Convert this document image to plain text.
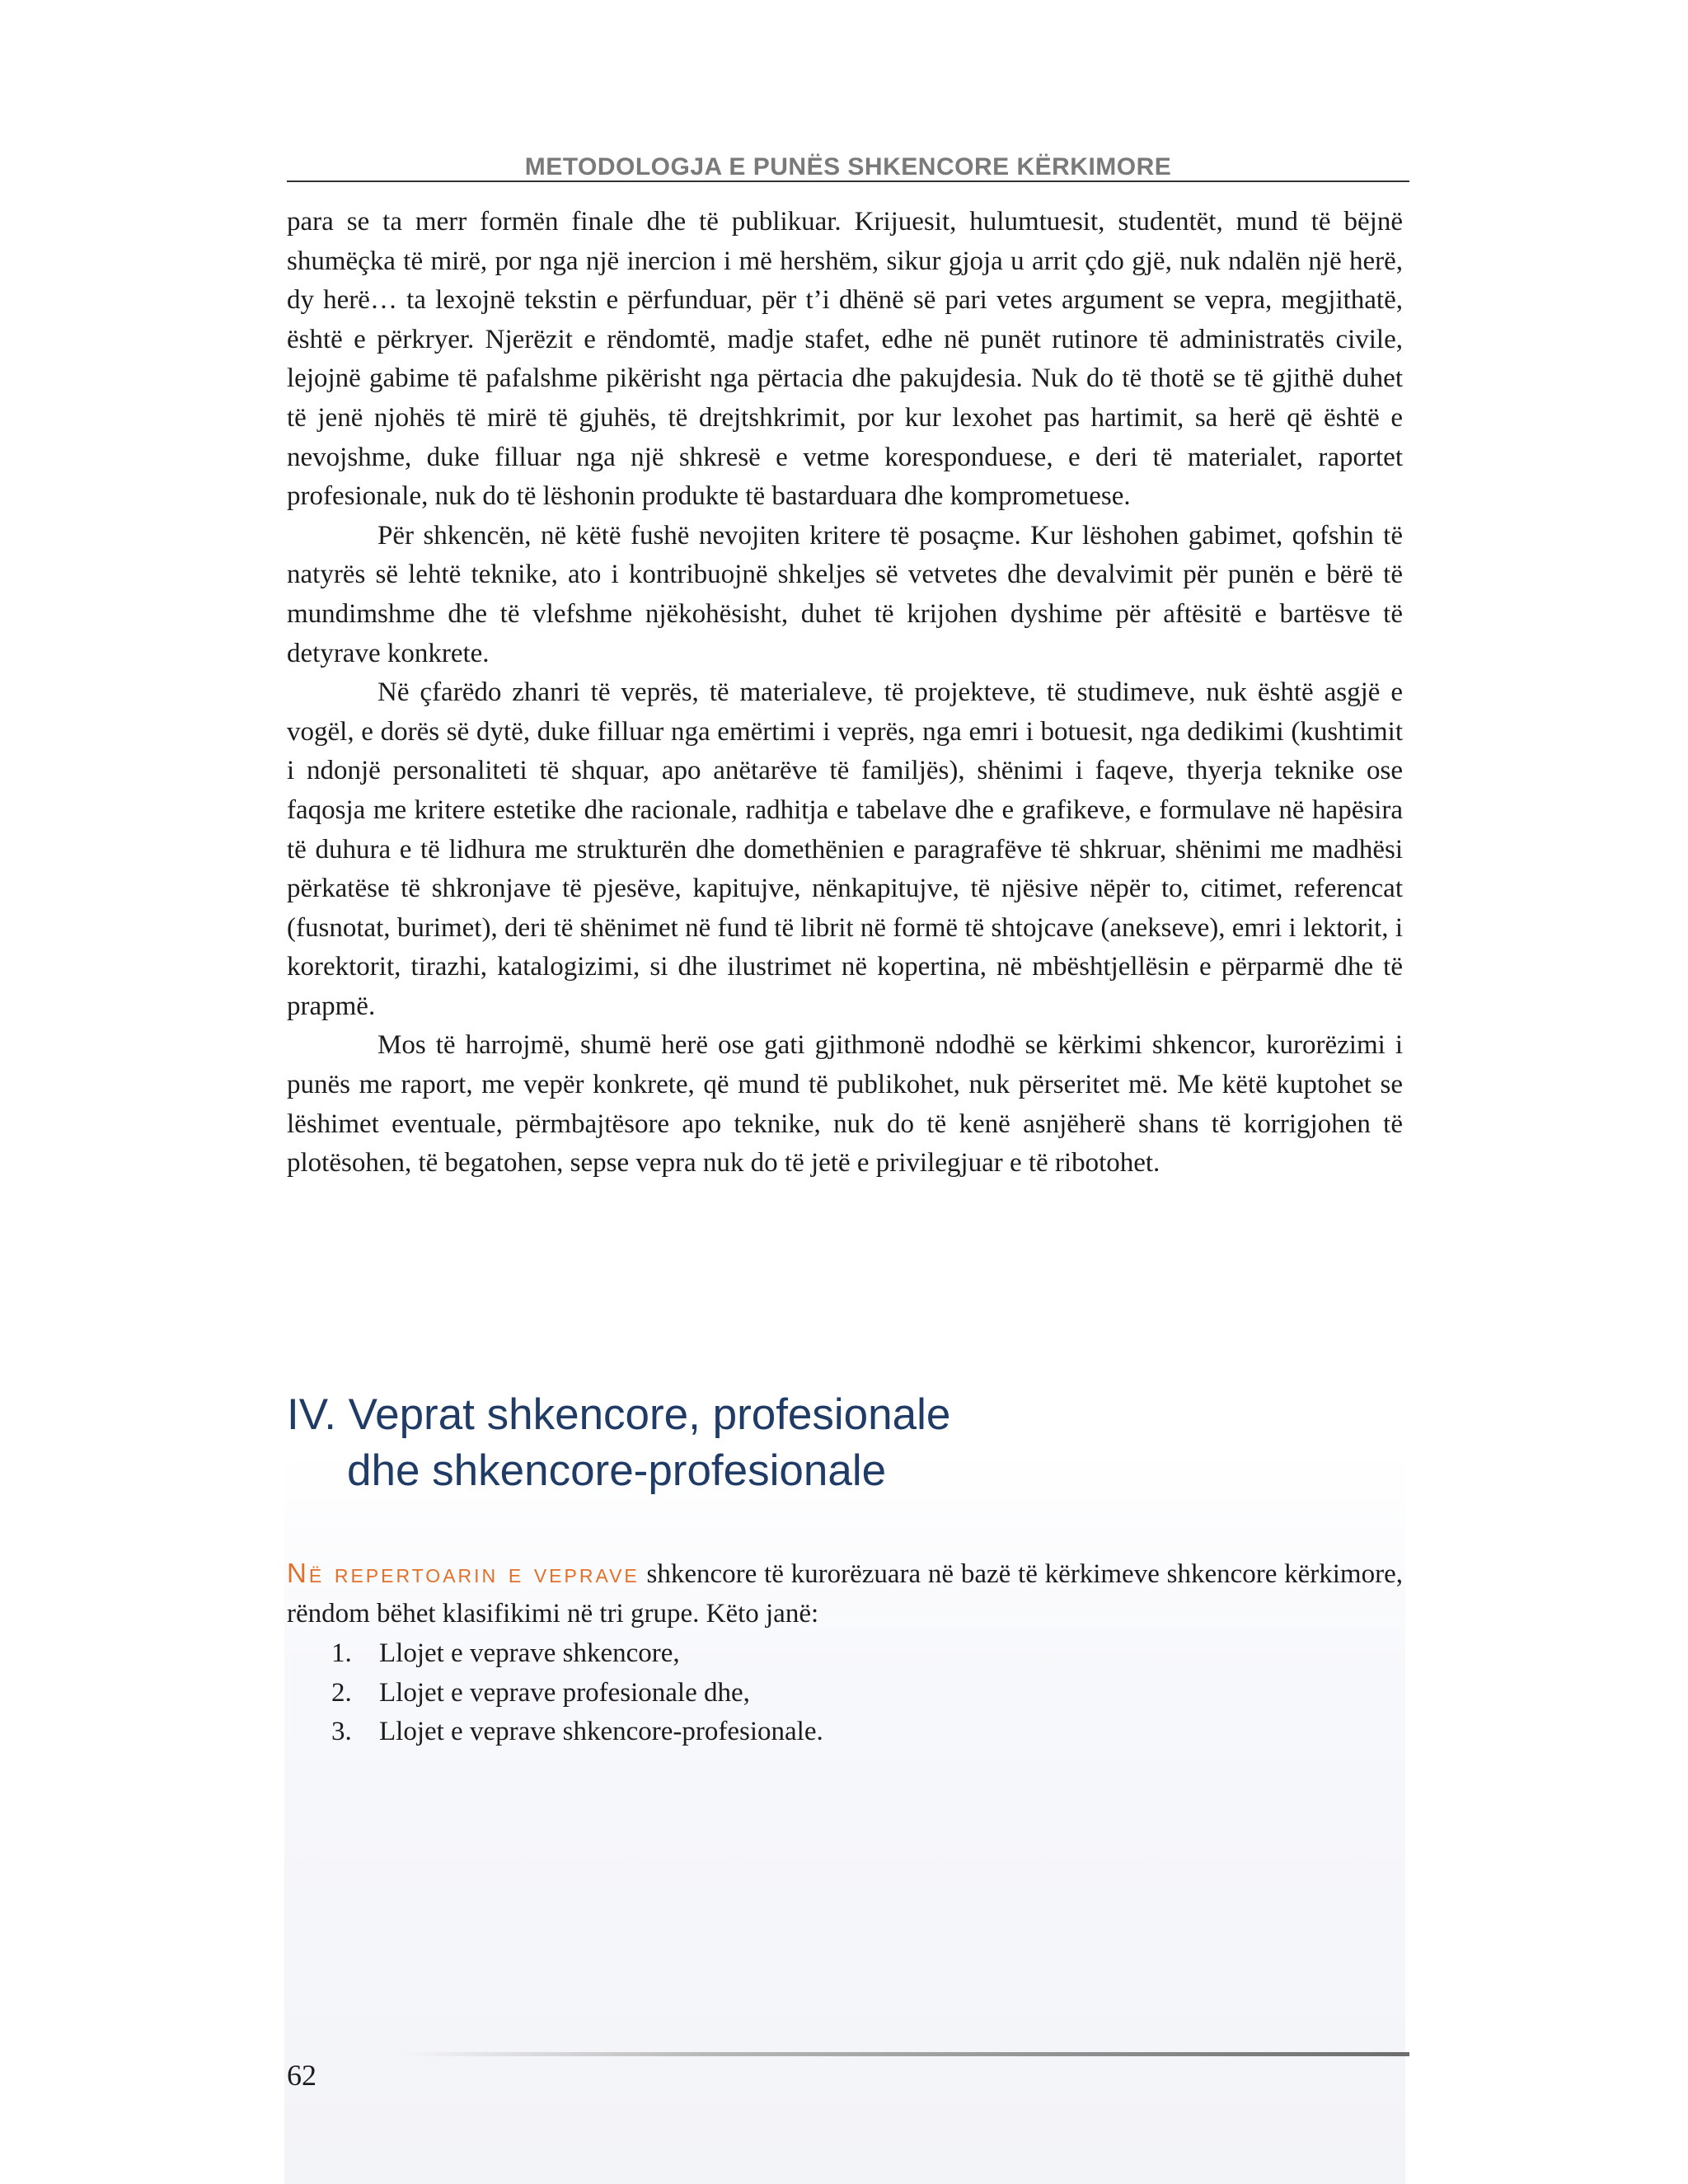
METODOLOGJA E PUNËS SHKENCORE KËRKIMORE

para se ta merr formën finale dhe të publikuar. Krijuesit, hulumtuesit, studentët, mund të bëjnë shumëçka të mirë, por nga një inercion i më hershëm, sikur gjoja u arrit çdo gjë, nuk ndalën një herë, dy herë… ta lexojnë tekstin e përfunduar, për t’i dhënë së pari vetes argument se vepra, megjithatë, është e përkryer. Njerëzit e rëndomtë, madje stafet, edhe në punët rutinore të administratës civile, lejojnë gabime të pafalshme pikërisht nga përtacia dhe pakujdesia. Nuk do të thotë se të gjithë duhet të jenë njohës të mirë të gjuhës, të drejtshkrimit, por kur lexohet pas hartimit, sa herë që është e nevojshme, duke filluar nga një shkresë e vetme koresponduese, e deri të materialet, raportet profesionale, nuk do të lëshonin produkte të bastarduara dhe komprometuese.

Për shkencën, në këtë fushë nevojiten kritere të posaçme. Kur lëshohen gabimet, qofshin të natyrës së lehtë teknike, ato i kontribuojnë shkeljes së vetvetes dhe devalvimit për punën e bërë të mundimshme dhe të vlefshme njëkohësisht, duhet të krijohen dyshime për aftësitë e bartësve të detyrave konkrete.

Në çfarëdo zhanri të veprës, të materialeve, të projekteve, të studimeve, nuk është asgjë e vogël, e dorës së dytë, duke filluar nga emërtimi i veprës, nga emri i botuesit, nga dedikimi (kushtimit i ndonjë personaliteti të shquar, apo anëtarëve të familjës), shënimi i faqeve, thyerja teknike ose faqosja me kritere estetike dhe racionale, radhitja e tabelave dhe e grafikeve, e formulave në hapësira të duhura e të lidhura me strukturën dhe domethënien e paragrafëve të shkruar, shënimi me madhësi përkatëse të shkronjave të pjesëve, kapitujve, nënkapitujve, të njësive nëpër to, citimet, referencat (fusnotat, burimet), deri të shënimet në fund të librit në formë të shtojcave (anekseve), emri i lektorit, i korektorit, tirazhi, katalogizimi, si dhe ilustrimet në kopertina, në mbështjellësin e përparmë dhe të prapmë.

Mos të harrojmë, shumë herë ose gati gjithmonë ndodhë se kërkimi shkencor, kurorëzimi i punës me raport, me vepër konkrete, që mund të publikohet, nuk përseritet më. Me këtë kuptohet se lëshimet eventuale, përmbajtësore apo teknike, nuk do të kenë asnjëherë shans të korrigjohen të plotësohen, të begatohen, sepse vepra nuk do të jetë e privilegjuar e të ribotohet.

IV. Veprat shkencore, profesionale
dhe shkencore-profesionale

Në repertoarin e veprave shkencore të kurorëzuara në bazë të kërkimeve shkencore kërkimore, rëndom bëhet klasifikimi në tri grupe. Këto janë:

1. Llojet e veprave shkencore,
2. Llojet e veprave profesionale dhe,
3. Llojet e veprave shkencore-profesionale.
62
